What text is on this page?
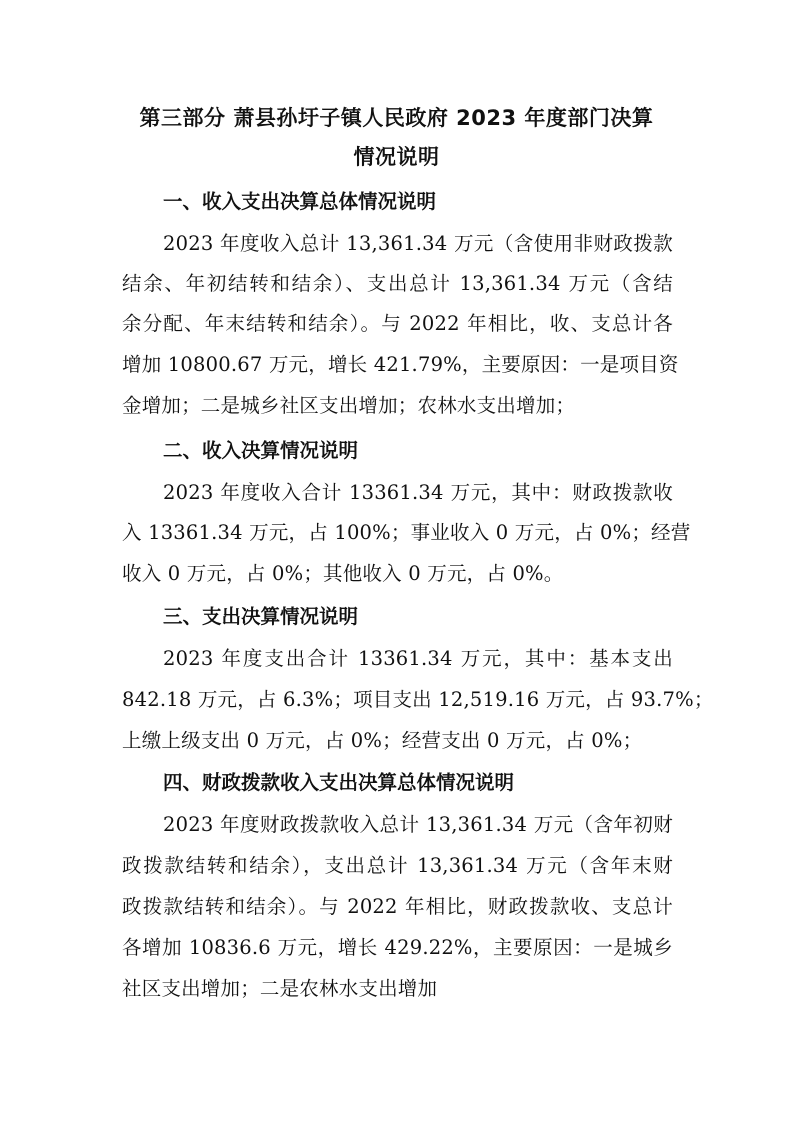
第三部分 萧县孙圩子镇人民政府 2023 年度部门决算
情况说明
一、收入支出决算总体情况说明
2023 年度收入总计 13,361.34 万元（含使用非财政拨款
结余、年初结转和结余）、支出总计 13,361.34 万元（含结
余分配、年末结转和结余）。与 2022 年相比，收、支总计各
增加 10800.67 万元，增长 421.79%，主要原因：一是项目资
金增加；二是城乡社区支出增加；农林水支出增加；
二、收入决算情况说明
2023 年度收入合计 13361.34 万元，其中：财政拨款收
入 13361.34 万元，占 100%；事业收入 0 万元，占 0%；经营
收入 0 万元，占 0%；其他收入 0 万元，占 0%。
三、支出决算情况说明
2023 年度支出合计 13361.34 万元，其中：基本支出
842.18 万元，占 6.3%；项目支出 12,519.16 万元，占 93.7%；
上缴上级支出 0 万元，占 0%；经营支出 0 万元，占 0%；
四、财政拨款收入支出决算总体情况说明
2023 年度财政拨款收入总计 13,361.34 万元（含年初财
政拨款结转和结余），支出总计 13,361.34 万元（含年末财
政拨款结转和结余）。与 2022 年相比，财政拨款收、支总计
各增加 10836.6 万元，增长 429.22%，主要原因：一是城乡
社区支出增加；二是农林水支出增加
